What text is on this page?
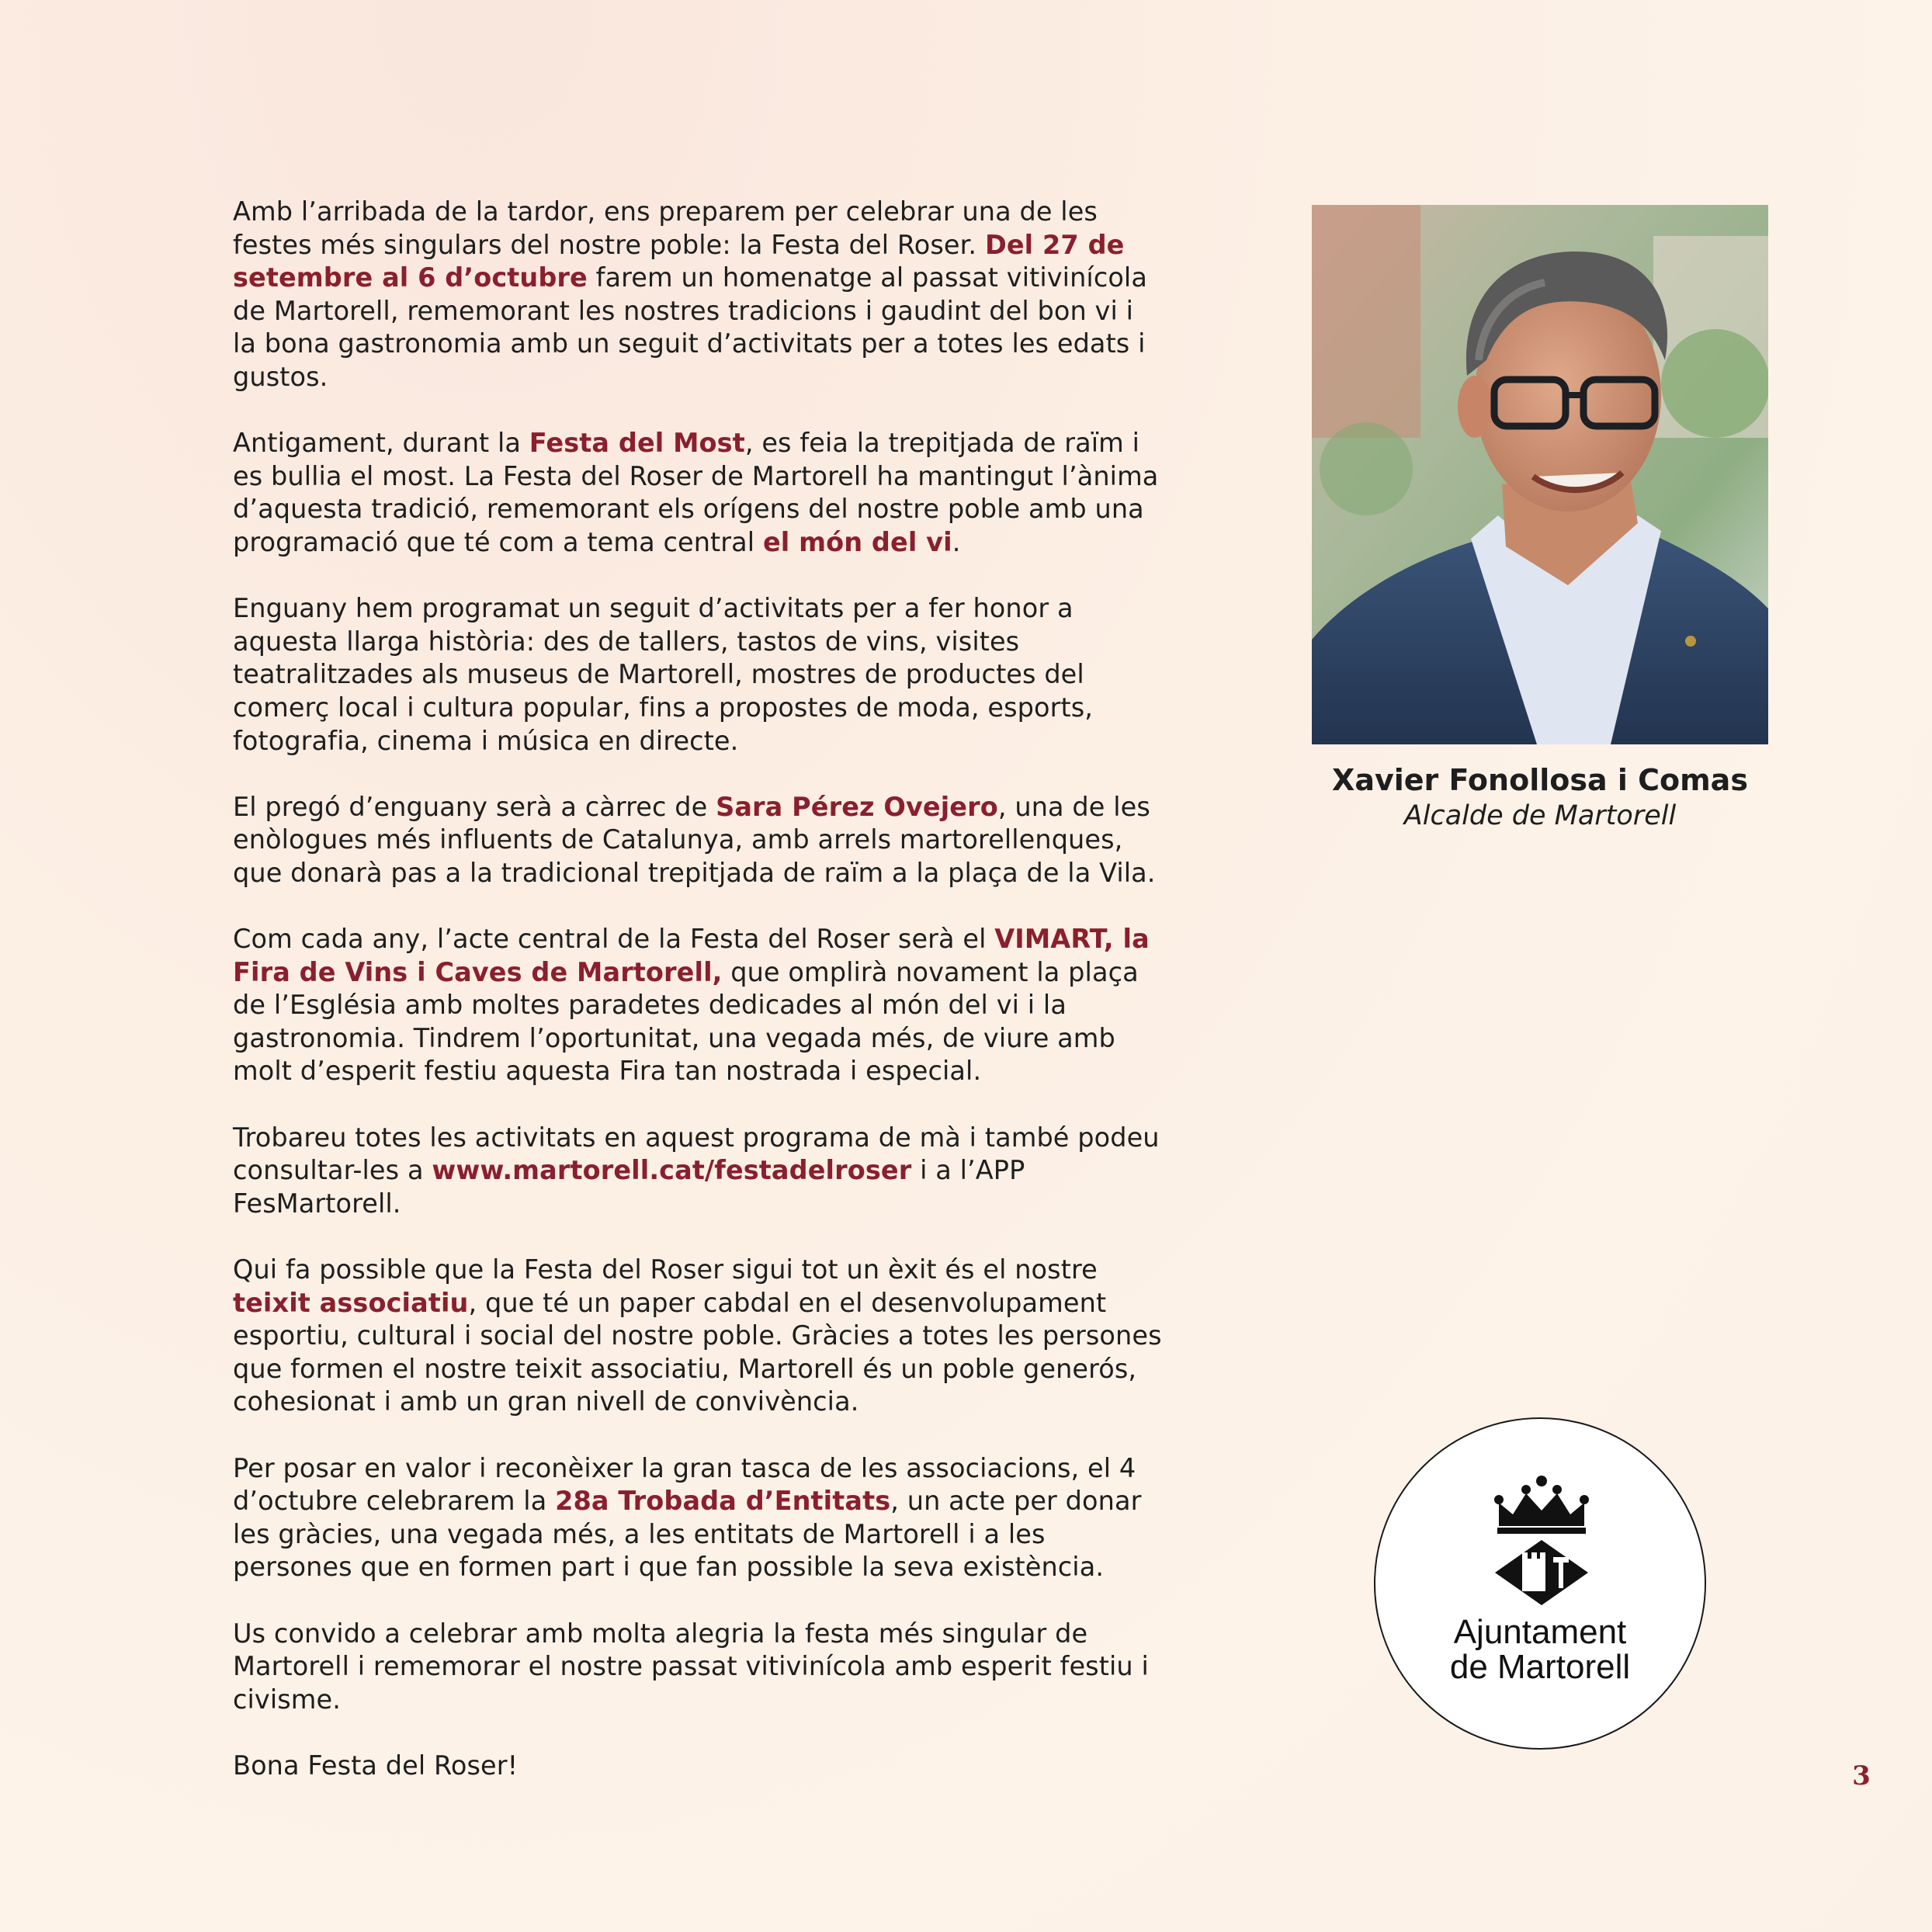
Amb l’arribada de la tardor, ens preparem per celebrar una de les festes més singulars del nostre poble: la Festa del Roser. Del 27 de setembre al 6 d’octubre farem un homenatge al passat vitivinícola de Martorell, rememorant les nostres tradicions i gaudint del bon vi i la bona gastronomia amb un seguit d’activitats per a totes les edats i gustos.

Antigament, durant la Festa del Most, es feia la trepitjada de raïm i es bullia el most. La Festa del Roser de Martorell ha mantingut l’ànima d’aquesta tradició, rememorant els orígens del nostre poble amb una programació que té com a tema central el món del vi.

Enguany hem programat un seguit d’activitats per a fer honor a aquesta llarga història: des de tallers, tastos de vins, visites teatralitzades als museus de Martorell, mostres de productes del comerç local i cultura popular, fins a propostes de moda, esports, fotografia, cinema i música en directe.

El pregó d’enguany serà a càrrec de Sara Pérez Ovejero, una de les enòlogues més influents de Catalunya, amb arrels martorellenques, que donarà pas a la tradicional trepitjada de raïm a la plaça de la Vila.

Com cada any, l’acte central de la Festa del Roser serà el VIMART, la Fira de Vins i Caves de Martorell, que omplirà novament la plaça de l’Església amb moltes paradetes dedicades al món del vi i la gastronomia. Tindrem l’oportunitat, una vegada més, de viure amb molt d’esperit festiu aquesta Fira tan nostrada i especial.

Trobareu totes les activitats en aquest programa de mà i també podeu consultar-les a www.martorell.cat/festadelroser i a l’APP FesMartorell.

Qui fa possible que la Festa del Roser sigui tot un èxit és el nostre teixit associatiu, que té un paper cabdal en el desenvolupament esportiu, cultural i social del nostre poble. Gràcies a totes les persones que formen el nostre teixit associatiu, Martorell és un poble generós, cohesionat i amb un gran nivell de convivència.

Per posar en valor i reconèixer la gran tasca de les associacions, el 4 d’octubre celebrarem la 28a Trobada d’Entitats, un acte per donar les gràcies, una vegada més, a les entitats de Martorell i a les persones que en formen part i que fan possible la seva existència.

Us convido a celebrar amb molta alegria la festa més singular de Martorell i rememorar el nostre passat vitivinícola amb esperit festiu i civisme.

Bona Festa del Roser!

Xavier Fonollosa i Comas
Alcalde de Martorell
Ajuntament
de Martorell
3
